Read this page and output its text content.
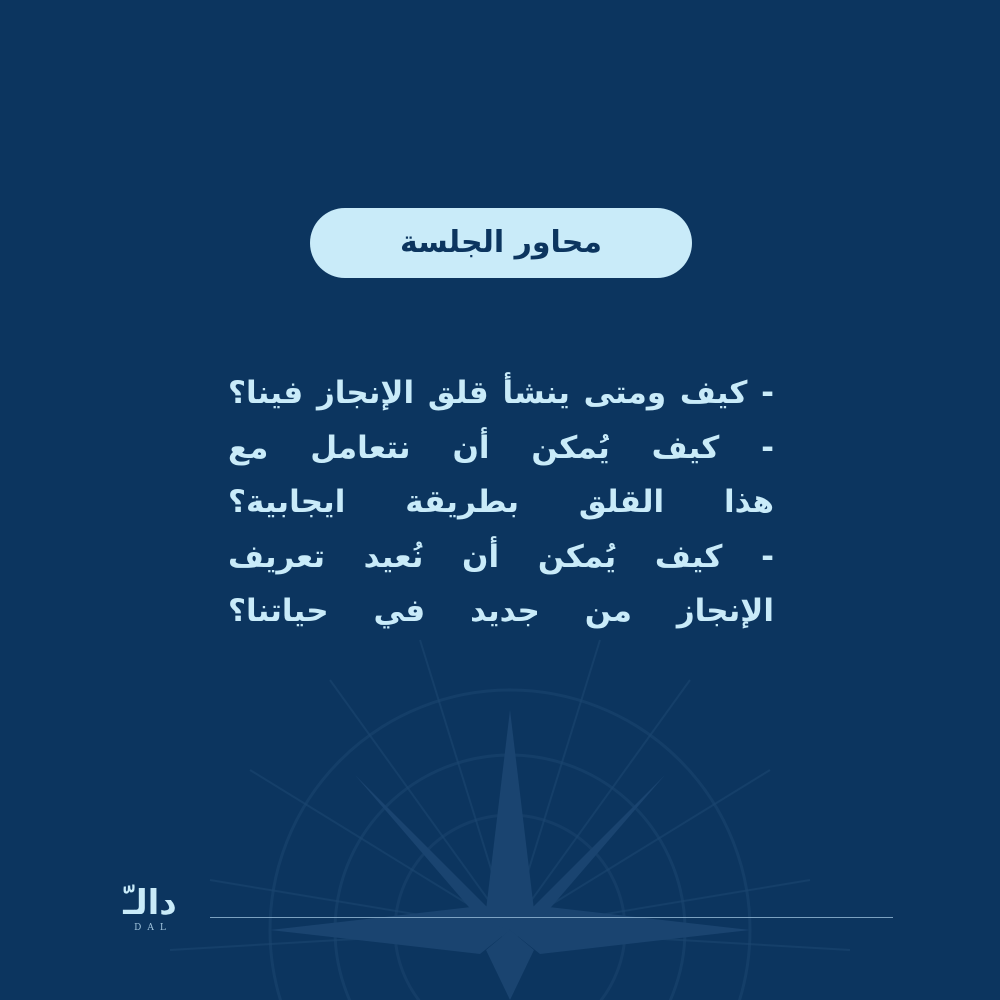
محاور الجلسة
- كيف ومتى ينشأ قلق الإنجاز فينا؟
- كيف يُمكن أن نتعامل مع
هذا القلق بطريقة ايجابية؟
- كيف يُمكن أن نُعيد تعريف
الإنجاز من جديد في حياتنا؟
دالـّ
DAL
